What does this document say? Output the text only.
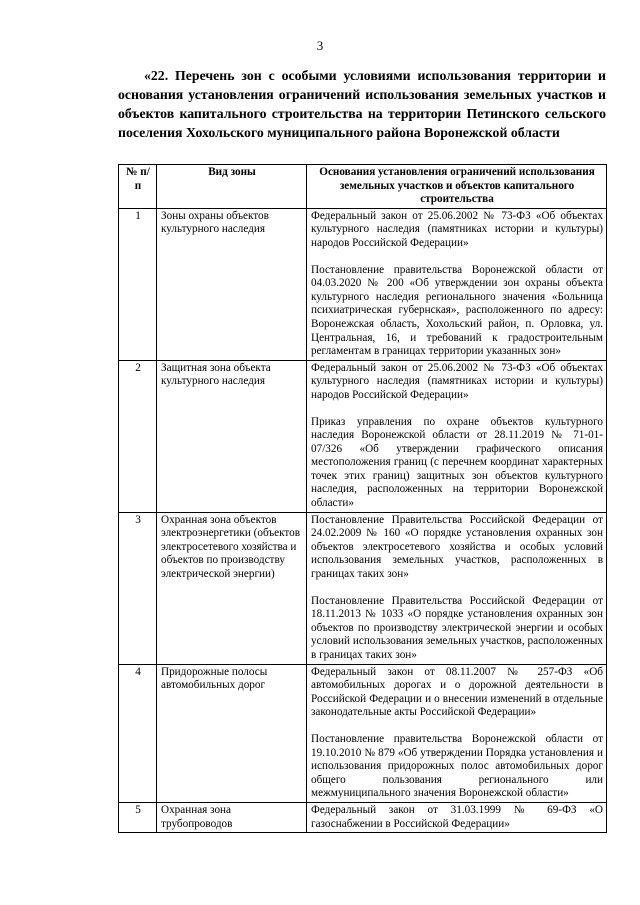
3
«22. Перечень зон с особыми условиями использования территории и основания установления ограничений использования земельных участков и объектов капитального строительства на территории Петинского сельского поселения Хохольского муниципального района Воронежской области
№ п/п	Вид зоны	Основания установления ограничений использования земельных участков и объектов капитального строительства
1	Зоны охраны объектов культурного наследия	Федеральный закон от 25.06.2002 № 73-ФЗ «Об объектах культурного наследия (памятниках истории и культуры) народов Российской Федерации»

Постановление правительства Воронежской области от 04.03.2020 № 200 «Об утверждении зон охраны объекта культурного наследия регионального значения «Больница психиатрическая губернская», расположенного по адресу: Воронежская область, Хохольский район, п. Орловка, ул. Центральная, 16, и требований к градостроительным регламентам в границах территории указанных зон»

2	Защитная зона объекта культурного наследия	Федеральный закон от 25.06.2002 № 73-ФЗ «Об объектах культурного наследия (памятниках истории и культуры) народов Российской Федерации»

Приказ управления по охране объектов культурного наследия Воронежской области от 28.11.2019 № 71-01-07/326 «Об утверждении графического описания местоположения границ (с перечнем координат характерных точек этих границ) защитных зон объектов культурного наследия, расположенных на территории Воронежской области»

3	Охранная зона объектов электроэнергетики (объектов электросетевого хозяйства и объектов по производству электрической энергии)	Постановление Правительства Российской Федерации от 24.02.2009 № 160 «О порядке установления охранных зон объектов электросетевого хозяйства и особых условий использования земельных участков, расположенных в границах таких зон»

Постановление Правительства Российской Федерации от 18.11.2013 № 1033 «О порядке установления охранных зон объектов по производству электрической энергии и особых условий использования земельных участков, расположенных в границах таких зон»

4	Придорожные полосы автомобильных дорог	Федеральный закон от 08.11.2007 № 257-ФЗ «Об автомобильных дорогах и о дорожной деятельности в Российской Федерации и о внесении изменений в отдельные законодательные акты Российской Федерации»

Постановление правительства Воронежской области от 19.10.2010 № 879 «Об утверждении Порядка установления и использования придорожных полос автомобильных дорог общего пользования регионального или межмуниципального значения Воронежской области»

5	Охранная зона трубопроводов	Федеральный закон от 31.03.1999 № 69-ФЗ «О газоснабжении в Российской Федерации»
